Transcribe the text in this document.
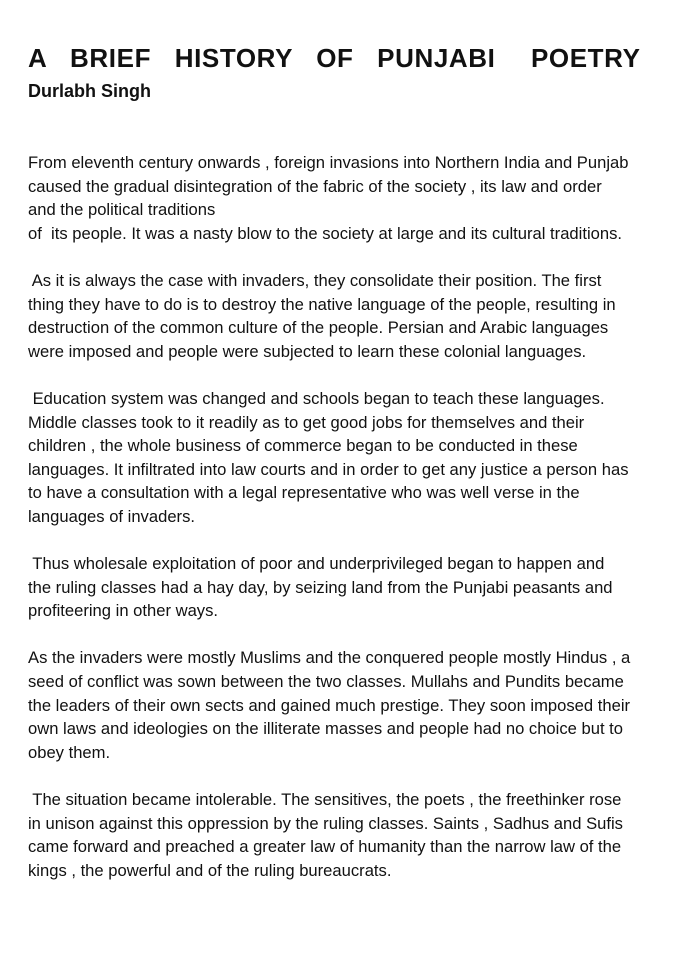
A  BRIEF  HISTORY  OF  PUNJABI   POETRY
Durlabh Singh

From eleventh century onwards , foreign invasions into Northern India and Punjab
caused the gradual disintegration of the fabric of the society , its law and order
and the political traditions
of  its people. It was a nasty blow to the society at large and its cultural traditions.

As it is always the case with invaders, they consolidate their position. The first
thing they have to do is to destroy the native language of the people, resulting in
destruction of the common culture of the people. Persian and Arabic languages
were imposed and people were subjected to learn these colonial languages.

Education system was changed and schools began to teach these languages.
Middle classes took to it readily as to get good jobs for themselves and their
children , the whole business of commerce began to be conducted in these
languages. It infiltrated into law courts and in order to get any justice a person has
to have a consultation with a legal representative who was well verse in the
languages of invaders.

Thus wholesale exploitation of poor and underprivileged began to happen and
the ruling classes had a hay day, by seizing land from the Punjabi peasants and
profiteering in other ways.

As the invaders were mostly Muslims and the conquered people mostly Hindus , a
seed of conflict was sown between the two classes. Mullahs and Pundits became
the leaders of their own sects and gained much prestige. They soon imposed their
own laws and ideologies on the illiterate masses and people had no choice but to
obey them.

The situation became intolerable. The sensitives, the poets , the freethinker rose
in unison against this oppression by the ruling classes. Saints , Sadhus and Sufis
came forward and preached a greater law of humanity than the narrow law of the
kings , the powerful and of the ruling bureaucrats.
